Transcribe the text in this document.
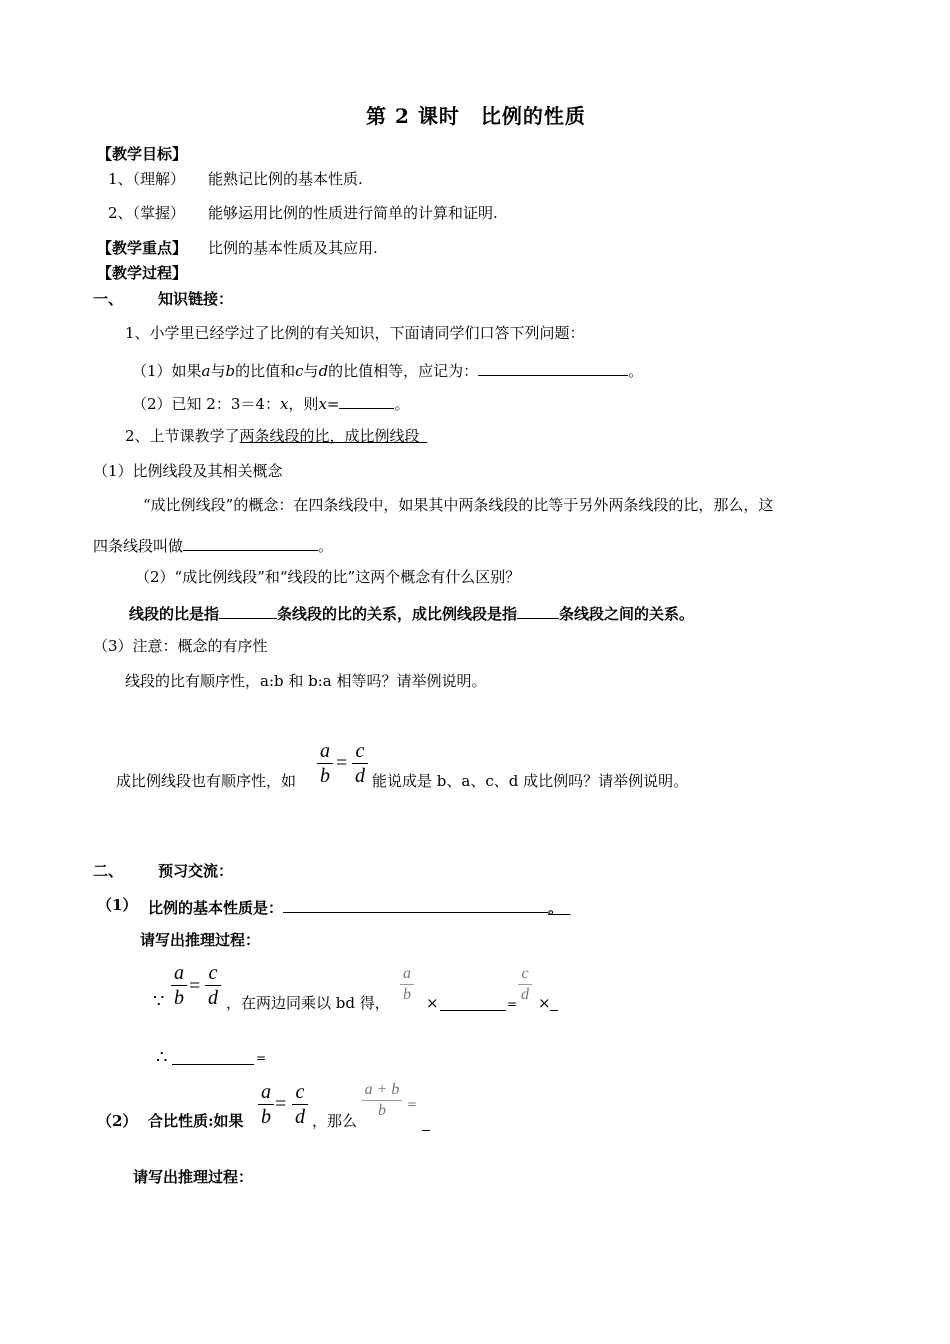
第 2 课时　比例的性质
【教学目标】
1、（理解） 能熟记比例的基本性质.
2、（掌握） 能够运用比例的性质进行简单的计算和证明.
【教学重点】 比例的基本性质及其应用.
【教学过程】
一、 知识链接：
1、小学里已经学过了比例的有关知识，下面请同学们口答下列问题：
（1）如果a与b的比值和c与d的比值相等，应记为：	。
（2）已知 2：3＝4：x，则x=	。
2、上节课教学了两条线段的比，成比例线段 
（1）比例线段及其相关概念
“成比例线段”的概念：在四条线段中，如果其中两条线段的比等于另外两条线段的比，那么，这
四条线段叫做	。
（2）“成比例线段”和“线段的比”这两个概念有什么区别？
线段的比是指	条线段的比的关系，成比例线段是指	条线段之间的关系。
（3）注意：概念的有序性
线段的比有顺序性，a:b 和 b:a 相等吗？请举例说明。
成比例线段也有顺序性，如
a
b
=
c
d 能说成是 b、a、c、d 成比例吗？请举例说明。
二、 预习交流：
（1） 比例的基本性质是：	。 
请写出推理过程：
∵
a
b
=
c
d ，在两边同乘以 bd 得，
a
b ×	=
c
d ×
∴	=
a
b
=
c
d
（2） 合比性质:如果	，那么
a + b
b	=
请写出推理过程：
